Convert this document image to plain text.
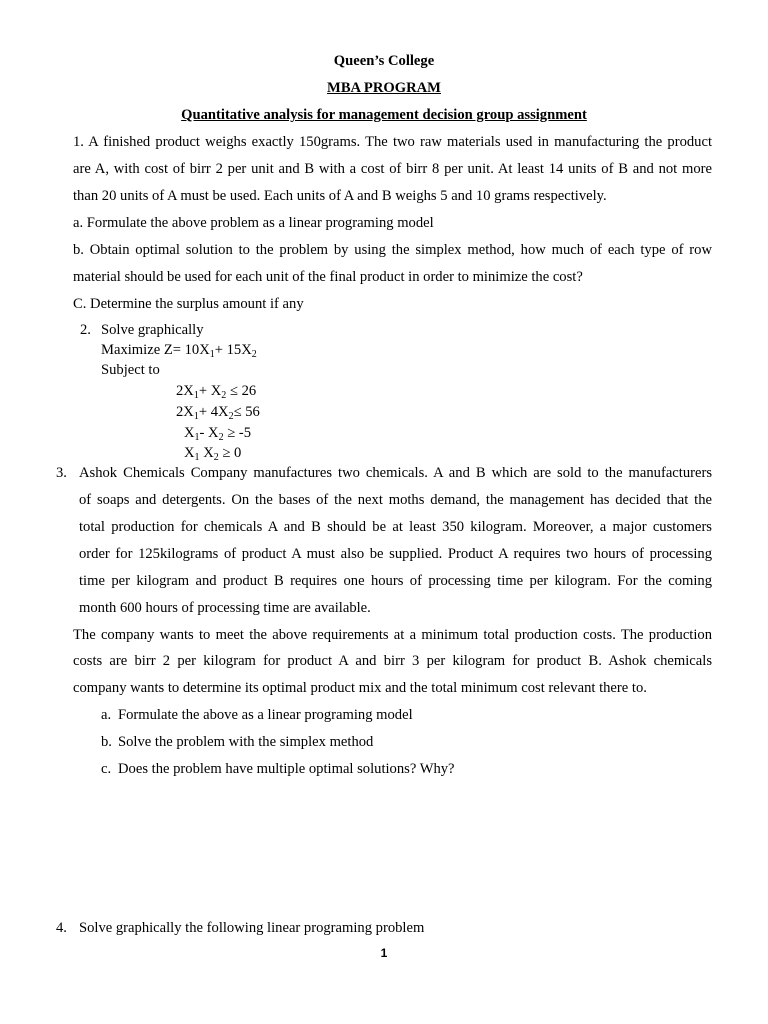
Queen’s College
MBA PROGRAM
Quantitative analysis for management decision group assignment
1. A finished product weighs exactly 150grams. The two raw materials used in manufacturing the product
are A, with cost of birr 2 per unit and B with a cost of birr 8 per unit. At least 14 units of B and not more
than 20 units of A must be used. Each units of A and B weighs 5 and 10 grams respectively.
a. Formulate the above problem as a linear programing model
b. Obtain optimal solution to the problem by using the simplex method, how much of each type of row
material should be used for each unit of the final product in order to minimize the cost?
C. Determine the surplus amount if any
2. Solve graphically
Maximize $Z= 10X_1+ 15X_2$
Subject to
$2X_1+ X_2 \le 26$
$2X_1+ 4X_2\le 56$
$X_1-$ $X_2 \ge -5$
$X_1$ $X_2 \ge 0$
3. Ashok Chemicals Company manufactures two chemicals. A and B which are sold to the manufacturers
of soaps and detergents. On the bases of the next moths demand, the management has decided that the
total production for chemicals A and B should be at least 350 kilogram. Moreover, a major customers
order for 125kilograms of product A must also be supplied. Product A requires two hours of processing
time per kilogram and product B requires one hours of processing time per kilogram. For the coming
month 600 hours of processing time are available.
The company wants to meet the above requirements at a minimum total production costs. The production
costs are birr 2 per kilogram for product A and birr 3 per kilogram for product B. Ashok chemicals
company wants to determine its optimal product mix and the total minimum cost relevant there to.
a. Formulate the above as a linear programing model
b. Solve the problem with the simplex method
c. Does the problem have multiple optimal solutions? Why?
4. Solve graphically the following linear programing problem
1
